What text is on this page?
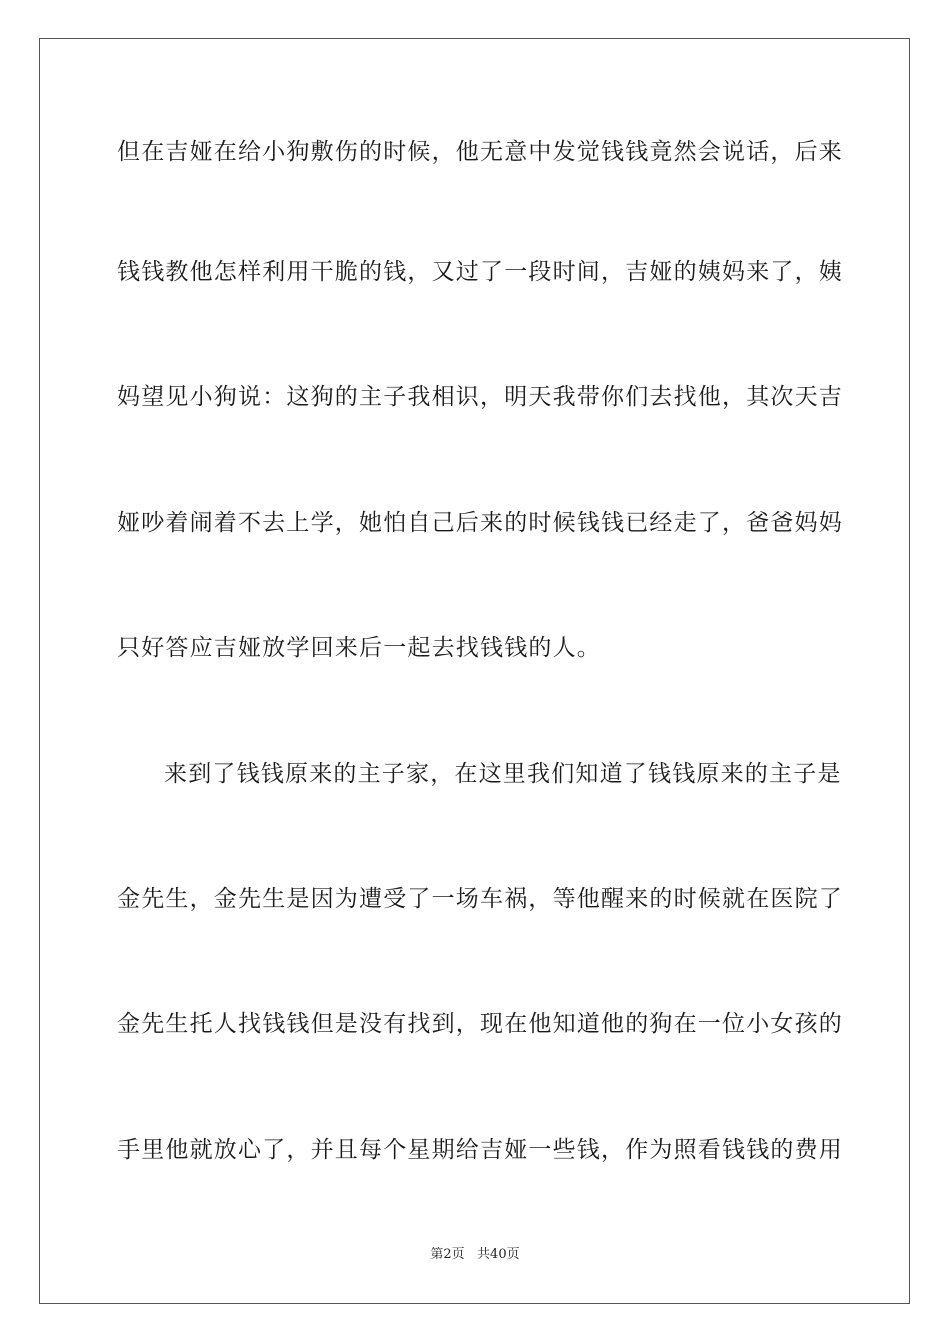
但在吉娅在给小狗敷伤的时候，他无意中发觉钱钱竟然会说话，后来
钱钱教他怎样利用干脆的钱，又过了一段时间，吉娅的姨妈来了，姨
妈望见小狗说：这狗的主子我相识，明天我带你们去找他，其次天吉
娅吵着闹着不去上学，她怕自己后来的时候钱钱已经走了，爸爸妈妈
只好答应吉娅放学回来后一起去找钱钱的人。
来到了钱钱原来的主子家，在这里我们知道了钱钱原来的主子是
金先生，金先生是因为遭受了一场车祸，等他醒来的时候就在医院了
金先生托人找钱钱但是没有找到，现在他知道他的狗在一位小女孩的
手里他就放心了，并且每个星期给吉娅一些钱，作为照看钱钱的费用
第2页   共40页
